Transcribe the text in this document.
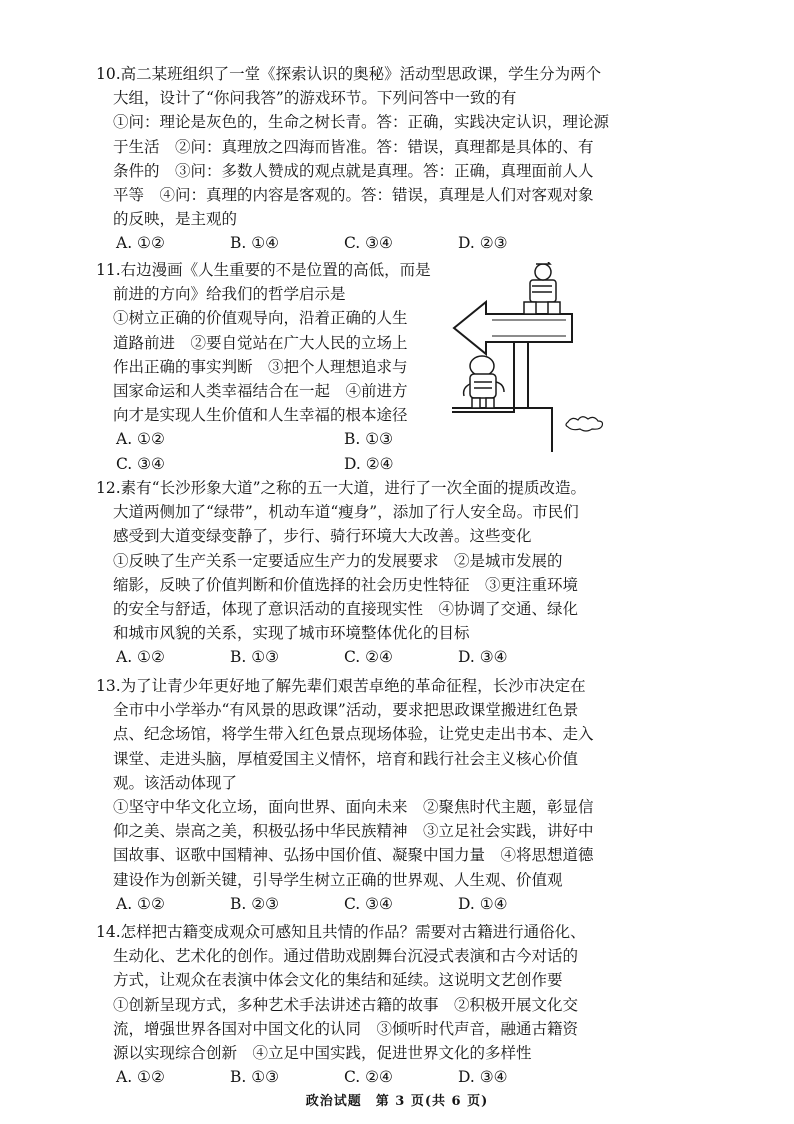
10.高二某班组织了一堂《探索认识的奥秘》活动型思政课，学生分为两个
大组，设计了“你问我答”的游戏环节。下列问答中一致的有
①问：理论是灰色的，生命之树长青。答：正确，实践决定认识，理论源
于生活　②问：真理放之四海而皆准。答：错误，真理都是具体的、有
条件的　③问：多数人赞成的观点就是真理。答：正确，真理面前人人
平等　④问：真理的内容是客观的。答：错误，真理是人们对客观对象
的反映，是主观的
A. ①②	B. ①④	C. ③④	D. ②③
11.右边漫画《人生重要的不是位置的高低，而是
前进的方向》给我们的哲学启示是
①树立正确的价值观导向，沿着正确的人生
道路前进　②要自觉站在广大人民的立场上
作出正确的事实判断　③把个人理想追求与
国家命运和人类幸福结合在一起　④前进方
向才是实现人生价值和人生幸福的根本途径
A. ①②	B. ①③
C. ③④	D. ②④
12.素有“长沙形象大道”之称的五一大道，进行了一次全面的提质改造。
大道两侧加了“绿带”，机动车道“瘦身”，添加了行人安全岛。市民们
感受到大道变绿变静了，步行、骑行环境大大改善。这些变化
①反映了生产关系一定要适应生产力的发展要求　②是城市发展的
缩影，反映了价值判断和价值选择的社会历史性特征　③更注重环境
的安全与舒适，体现了意识活动的直接现实性　④协调了交通、绿化
和城市风貌的关系，实现了城市环境整体优化的目标
A. ①②	B. ①③	C. ②④	D. ③④
13.为了让青少年更好地了解先辈们艰苦卓绝的革命征程，长沙市决定在
全市中小学举办“有风景的思政课”活动，要求把思政课堂搬进红色景
点、纪念场馆，将学生带入红色景点现场体验，让党史走出书本、走入
课堂、走进头脑，厚植爱国主义情怀，培育和践行社会主义核心价值
观。该活动体现了
①坚守中华文化立场，面向世界、面向未来　②聚焦时代主题，彰显信
仰之美、崇高之美，积极弘扬中华民族精神　③立足社会实践，讲好中
国故事、讴歌中国精神、弘扬中国价值、凝聚中国力量　④将思想道德
建设作为创新关键，引导学生树立正确的世界观、人生观、价值观
A. ①②	B. ②③	C. ③④	D. ①④
14.怎样把古籍变成观众可感知且共情的作品？需要对古籍进行通俗化、
生动化、艺术化的创作。通过借助戏剧舞台沉浸式表演和古今对话的
方式，让观众在表演中体会文化的集结和延续。这说明文艺创作要
①创新呈现方式，多种艺术手法讲述古籍的故事　②积极开展文化交
流，增强世界各国对中国文化的认同　③倾听时代声音，融通古籍资
源以实现综合创新　④立足中国实践，促进世界文化的多样性
A. ①②	B. ①③	C. ②④	D. ③④
政治试题　第 3 页(共 6 页)
